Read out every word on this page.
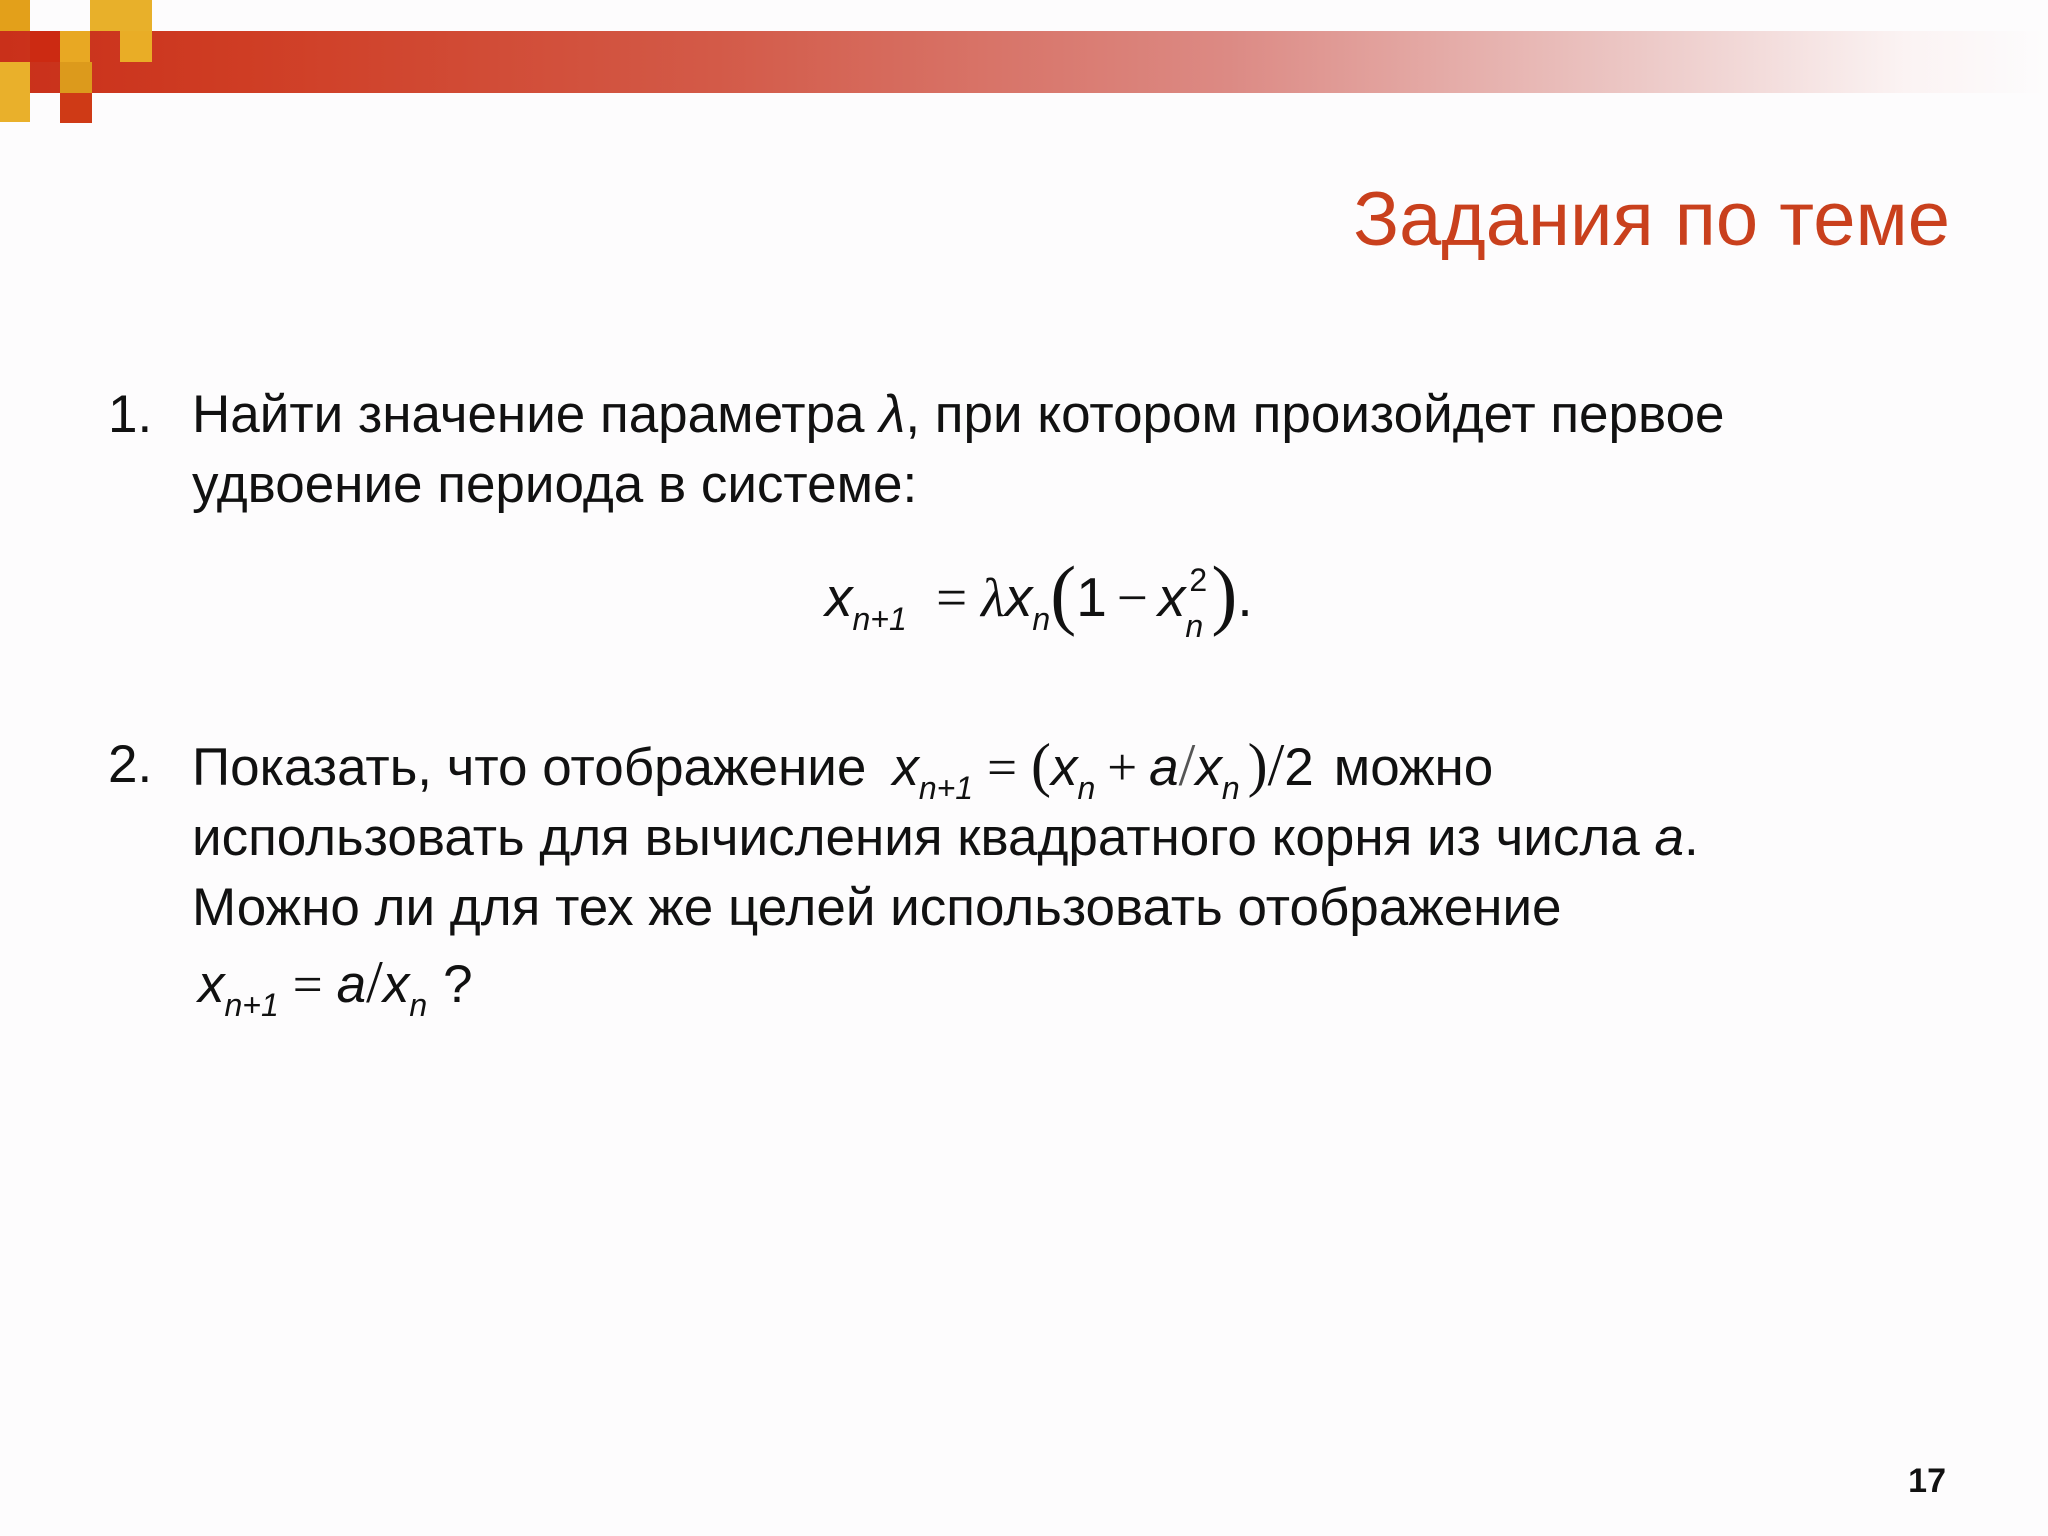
Задания по теме
1. Найти значение параметра λ, при котором произойдет первое
удвоение периода в системе:
$x_{n+1} = \lambda x_n(1 - x$ 2
n ).
2. Показать, что отображение $x_{n+1} = (x_n + a/x_n$ )/2 можно
использовать для вычисления квадратного корня из числа a.
Можно ли для тех же целей использовать отображение
$x_{n+1} = a/x_n$ ?
17
